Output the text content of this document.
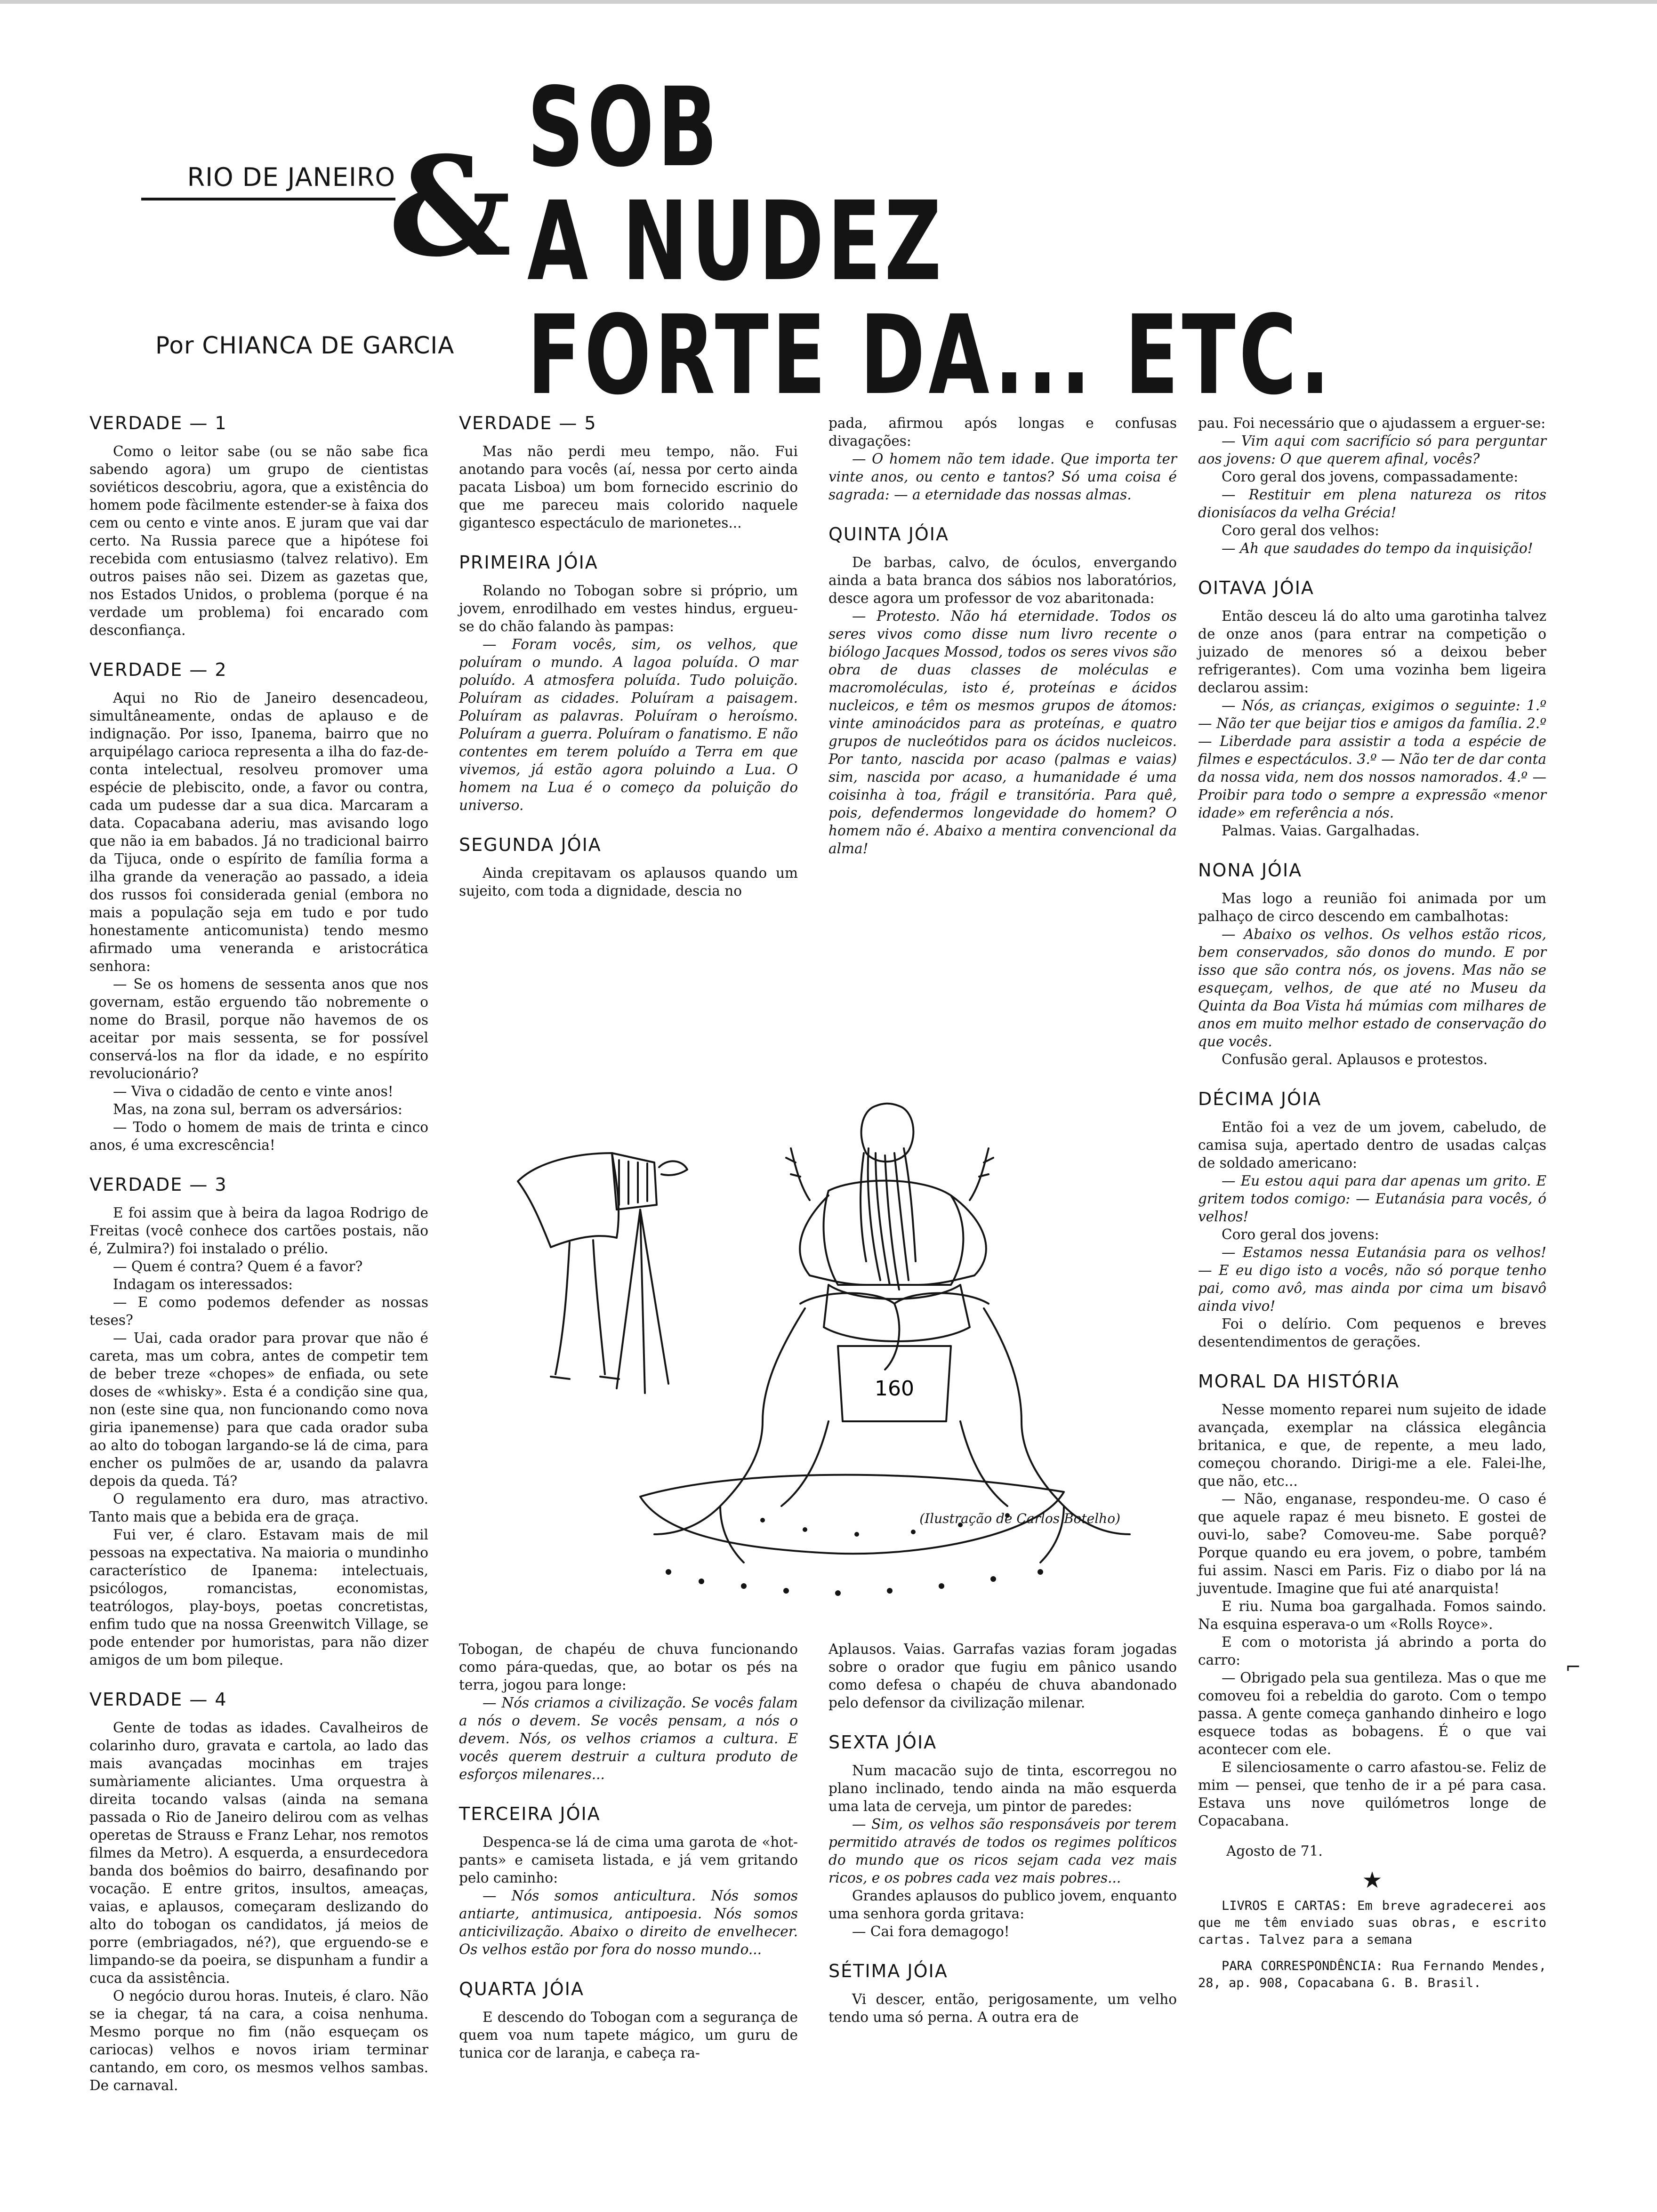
RIO DE JANEIRO
& SOB
A NUDEZ
FORTE DA... ETC.
Por CHIANCA DE GARCIA
VERDADE — 1

Como o leitor sabe (ou se não sabe fica sabendo agora) um grupo de cientistas soviéticos descobriu, agora, que a existência do homem pode fàcilmente estender-se à faixa dos cem ou cento e vinte anos. E juram que vai dar certo. Na Russia parece que a hipótese foi recebida com entusiasmo (talvez relativo). Em outros paises não sei. Dizem as gazetas que, nos Estados Unidos, o problema (porque é na verdade um problema) foi encarado com desconfiança.

VERDADE — 2

Aqui no Rio de Janeiro desencadeou, simultâneamente, ondas de aplauso e de indignação. Por isso, Ipanema, bairro que no arquipélago carioca representa a ilha do faz-de-conta intelectual, resolveu promover uma espécie de plebiscito, onde, a favor ou contra, cada um pudesse dar a sua dica. Marcaram a data. Copacabana aderiu, mas avisando logo que não ia em babados. Já no tradicional bairro da Tijuca, onde o espírito de família forma a ilha grande da veneração ao passado, a ideia dos russos foi considerada genial (embora no mais a população seja em tudo e por tudo honestamente anticomunista) tendo mesmo afirmado uma veneranda e aristocrática senhora:

— Se os homens de sessenta anos que nos governam, estão erguendo tão nobremente o nome do Brasil, porque não havemos de os aceitar por mais sessenta, se for possível conservá-los na flor da idade, e no espírito revolucionário?

— Viva o cidadão de cento e vinte anos!

Mas, na zona sul, berram os adversários:

— Todo o homem de mais de trinta e cinco anos, é uma excrescência!

VERDADE — 3

E foi assim que à beira da lagoa Rodrigo de Freitas (você conhece dos cartões postais, não é, Zulmira?) foi instalado o prélio.

— Quem é contra? Quem é a favor?

Indagam os interessados:

— E como podemos defender as nossas teses?

— Uai, cada orador para provar que não é careta, mas um cobra, antes de competir tem de beber treze «chopes» de enfiada, ou sete doses de «whisky». Esta é a condição sine qua, non (este sine qua, non funcionando como nova giria ipanemense) para que cada orador suba ao alto do tobogan largando-se lá de cima, para encher os pulmões de ar, usando da palavra depois da queda. Tá?

O regulamento era duro, mas atractivo. Tanto mais que a bebida era de graça.

Fui ver, é claro. Estavam mais de mil pessoas na expectativa. Na maioria o mundinho característico de Ipanema: intelectuais, psicólogos, romancistas, economistas, teatrólogos, play-boys, poetas concretistas, enfim tudo que na nossa Greenwitch Village, se pode entender por humoristas, para não dizer amigos de um bom pileque.

VERDADE — 4

Gente de todas as idades. Cavalheiros de colarinho duro, gravata e cartola, ao lado das mais avançadas mocinhas em trajes sumàriamente aliciantes. Uma orquestra à direita tocando valsas (ainda na semana passada o Rio de Janeiro delirou com as velhas operetas de Strauss e Franz Lehar, nos remotos filmes da Metro). A esquerda, a ensurdecedora banda dos boêmios do bairro, desafinando por vocação. E entre gritos, insultos, ameaças, vaias, e aplausos, começaram deslizando do alto do tobogan os candidatos, já meios de porre (embriagados, né?), que erguendo-se e limpando-se da poeira, se dispunham a fundir a cuca da assistência.

O negócio durou horas. Inuteis, é claro. Não se ia chegar, tá na cara, a coisa nenhuma. Mesmo porque no fim (não esqueçam os cariocas) velhos e novos iriam terminar cantando, em coro, os mesmos velhos sambas. De carnaval.

VERDADE — 5

Mas não perdi meu tempo, não. Fui anotando para vocês (aí, nessa por certo ainda pacata Lisboa) um bom fornecido escrinio do que me pareceu mais colorido naquele gigantesco espectáculo de marionetes...

PRIMEIRA JÓIA

Rolando no Tobogan sobre si próprio, um jovem, enrodilhado em vestes hindus, ergueu-se do chão falando às pampas:

— Foram vocês, sim, os velhos, que poluíram o mundo. A lagoa poluída. O mar poluído. A atmosfera poluída. Tudo poluição. Poluíram as cidades. Poluíram a paisagem. Poluíram as palavras. Poluíram o heroísmo. Poluíram a guerra. Poluíram o fanatismo. E não contentes em terem poluído a Terra em que vivemos, já estão agora poluindo a Lua. O homem na Lua é o começo da poluição do universo.

SEGUNDA JÓIA

Ainda crepitavam os aplausos quando um sujeito, com toda a dignidade, descia no

pada, afirmou após longas e confusas divagações:

— O homem não tem idade. Que importa ter vinte anos, ou cento e tantos? Só uma coisa é sagrada: — a eternidade das nossas almas.

QUINTA JÓIA

De barbas, calvo, de óculos, envergando ainda a bata branca dos sábios nos laboratórios, desce agora um professor de voz abaritonada:

— Protesto. Não há eternidade. Todos os seres vivos como disse num livro recente o biólogo Jacques Mossod, todos os seres vivos são obra de duas classes de moléculas e macromoléculas, isto é, proteínas e ácidos nucleicos, e têm os mesmos grupos de átomos: vinte aminoácidos para as proteínas, e quatro grupos de nucleótidos para os ácidos nucleicos. Por tanto, nascida por acaso (palmas e vaias) sim, nascida por acaso, a humanidade é uma coisinha à toa, frágil e transitória. Para quê, pois, defendermos longevidade do homem? O homem não é. Abaixo a mentira convencional da alma!

pau. Foi necessário que o ajudassem a erguer-se:

— Vim aqui com sacrifício só para perguntar aos jovens: O que querem afinal, vocês?

Coro geral dos jovens, compassadamente:

— Restituir em plena natureza os ritos dionisíacos da velha Grécia!

Coro geral dos velhos:

— Ah que saudades do tempo da inquisição!

OITAVA JÓIA

Então desceu lá do alto uma garotinha talvez de onze anos (para entrar na competição o juizado de menores só a deixou beber refrigerantes). Com uma vozinha bem ligeira declarou assim:

— Nós, as crianças, exigimos o seguinte: 1.º — Não ter que beijar tios e amigos da família. 2.º — Liberdade para assistir a toda a espécie de filmes e espectáculos. 3.º — Não ter de dar conta da nossa vida, nem dos nossos namorados. 4.º — Proibir para todo o sempre a expressão «menor idade» em referência a nós.

Palmas. Vaias. Gargalhadas.

NONA JÓIA

Mas logo a reunião foi animada por um palhaço de circo descendo em cambalhotas:

— Abaixo os velhos. Os velhos estão ricos, bem conservados, são donos do mundo. E por isso que são contra nós, os jovens. Mas não se esqueçam, velhos, de que até no Museu da Quinta da Boa Vista há múmias com milhares de anos em muito melhor estado de conservação do que vocês.

Confusão geral. Aplausos e protestos.

DÉCIMA JÓIA

Então foi a vez de um jovem, cabeludo, de camisa suja, apertado dentro de usadas calças de soldado americano:

— Eu estou aqui para dar apenas um grito. E gritem todos comigo: — Eutanásia para vocês, ó velhos!

Coro geral dos jovens:

— Estamos nessa Eutanásia para os velhos! — E eu digo isto a vocês, não só porque tenho pai, como avô, mas ainda por cima um bisavô ainda vivo!

Foi o delírio. Com pequenos e breves desentendimentos de gerações.

MORAL DA HISTÓRIA

Nesse momento reparei num sujeito de idade avançada, exemplar na clássica elegância britanica, e que, de repente, a meu lado, começou chorando. Dirigi-me a ele. Falei-lhe, que não, etc...

— Não, enganase, respondeu-me. O caso é que aquele rapaz é meu bisneto. E gostei de ouvi-lo, sabe? Comoveu-me. Sabe porquê? Porque quando eu era jovem, o pobre, também fui assim. Nasci em Paris. Fiz o diabo por lá na juventude. Imagine que fui até anarquista!

E riu. Numa boa gargalhada. Fomos saindo. Na esquina esperava-o um «Rolls Royce».

E com o motorista já abrindo a porta do carro:

— Obrigado pela sua gentileza. Mas o que me comoveu foi a rebeldia do garoto. Com o tempo passa. A gente começa ganhando dinheiro e logo esquece todas as bobagens. É o que vai acontecer com ele.

E silenciosamente o carro afastou-se. Feliz de mim — pensei, que tenho de ir a pé para casa. Estava uns nove quilómetros longe de Copacabana.

Agosto de 71.
★

LIVROS E CARTAS: Em breve agradecerei aos que me têm enviado suas obras, e escrito cartas. Talvez para a semana

PARA CORRESPONDÊNCIA: Rua Fernando Mendes, 28, ap. 908, Copacabana G. B. Brasil.

160
(Ilustração de Carlos Botelho)

Tobogan, de chapéu de chuva funcionando como pára-quedas, que, ao botar os pés na terra, jogou para longe:

— Nós criamos a civilização. Se vocês falam a nós o devem. Se vocês pensam, a nós o devem. Nós, os velhos criamos a cultura. E vocês querem destruir a cultura produto de esforços milenares...

TERCEIRA JÓIA

Despenca-se lá de cima uma garota de «hot-pants» e camiseta listada, e já vem gritando pelo caminho:

— Nós somos anticultura. Nós somos antiarte, antimusica, antipoesia. Nós somos anticivilização. Abaixo o direito de envelhecer. Os velhos estão por fora do nosso mundo...

QUARTA JÓIA

E descendo do Tobogan com a segurança de quem voa num tapete mágico, um guru de tunica cor de laranja, e cabeça ra-

Aplausos. Vaias. Garrafas vazias foram jogadas sobre o orador que fugiu em pânico usando como defesa o chapéu de chuva abandonado pelo defensor da civilização milenar.

SEXTA JÓIA

Num macacão sujo de tinta, escorregou no plano inclinado, tendo ainda na mão esquerda uma lata de cerveja, um pintor de paredes:

— Sim, os velhos são responsáveis por terem permitido através de todos os regimes políticos do mundo que os ricos sejam cada vez mais ricos, e os pobres cada vez mais pobres...

Grandes aplausos do publico jovem, enquanto uma senhora gorda gritava:

— Cai fora demagogo!

SÉTIMA JÓIA

Vi descer, então, perigosamente, um velho tendo uma só perna. A outra era de

⌐
